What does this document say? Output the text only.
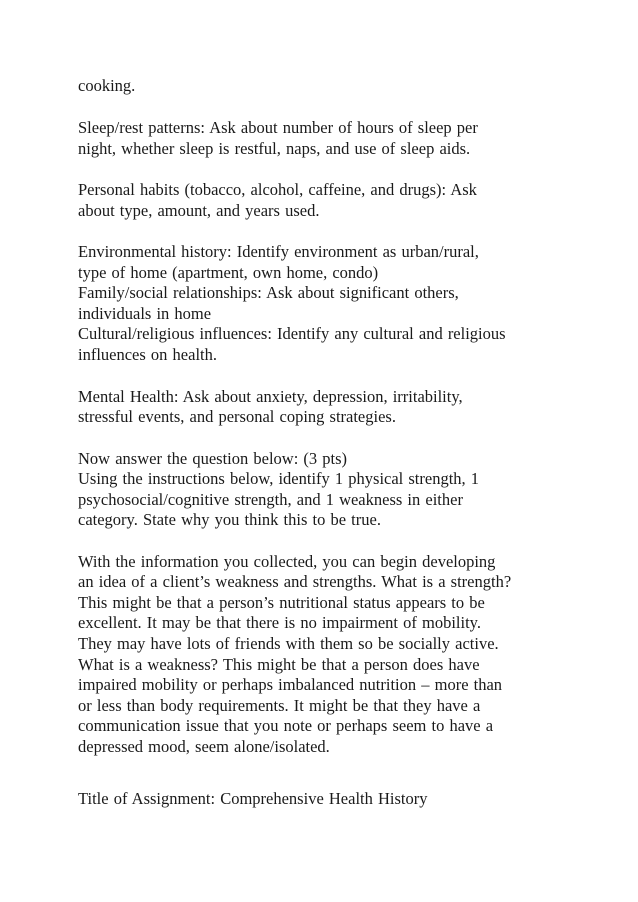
cooking.

Sleep/rest patterns: Ask about number of hours of sleep per

night, whether sleep is restful, naps, and use of sleep aids.

Personal habits (tobacco, alcohol, caffeine, and drugs): Ask

about type, amount, and years used.

Environmental history: Identify environment as urban/rural,

type of home (apartment, own home, condo)

Family/social relationships: Ask about significant others,

individuals in home

Cultural/religious influences: Identify any cultural and religious

influences on health.

Mental Health: Ask about anxiety, depression, irritability,

stressful events, and personal coping strategies.

Now answer the question below: (3 pts)

Using the instructions below, identify 1 physical strength, 1

psychosocial/cognitive strength, and 1 weakness in either

category. State why you think this to be true.

With the information you collected, you can begin developing

an idea of a client’s weakness and strengths. What is a strength?

This might be that a person’s nutritional status appears to be

excellent. It may be that there is no impairment of mobility.

They may have lots of friends with them so be socially active.

What is a weakness? This might be that a person does have

impaired mobility or perhaps imbalanced nutrition – more than

or less than body requirements. It might be that they have a

communication issue that you note or perhaps seem to have a

depressed mood, seem alone/isolated.

Title of Assignment: Comprehensive Health History
